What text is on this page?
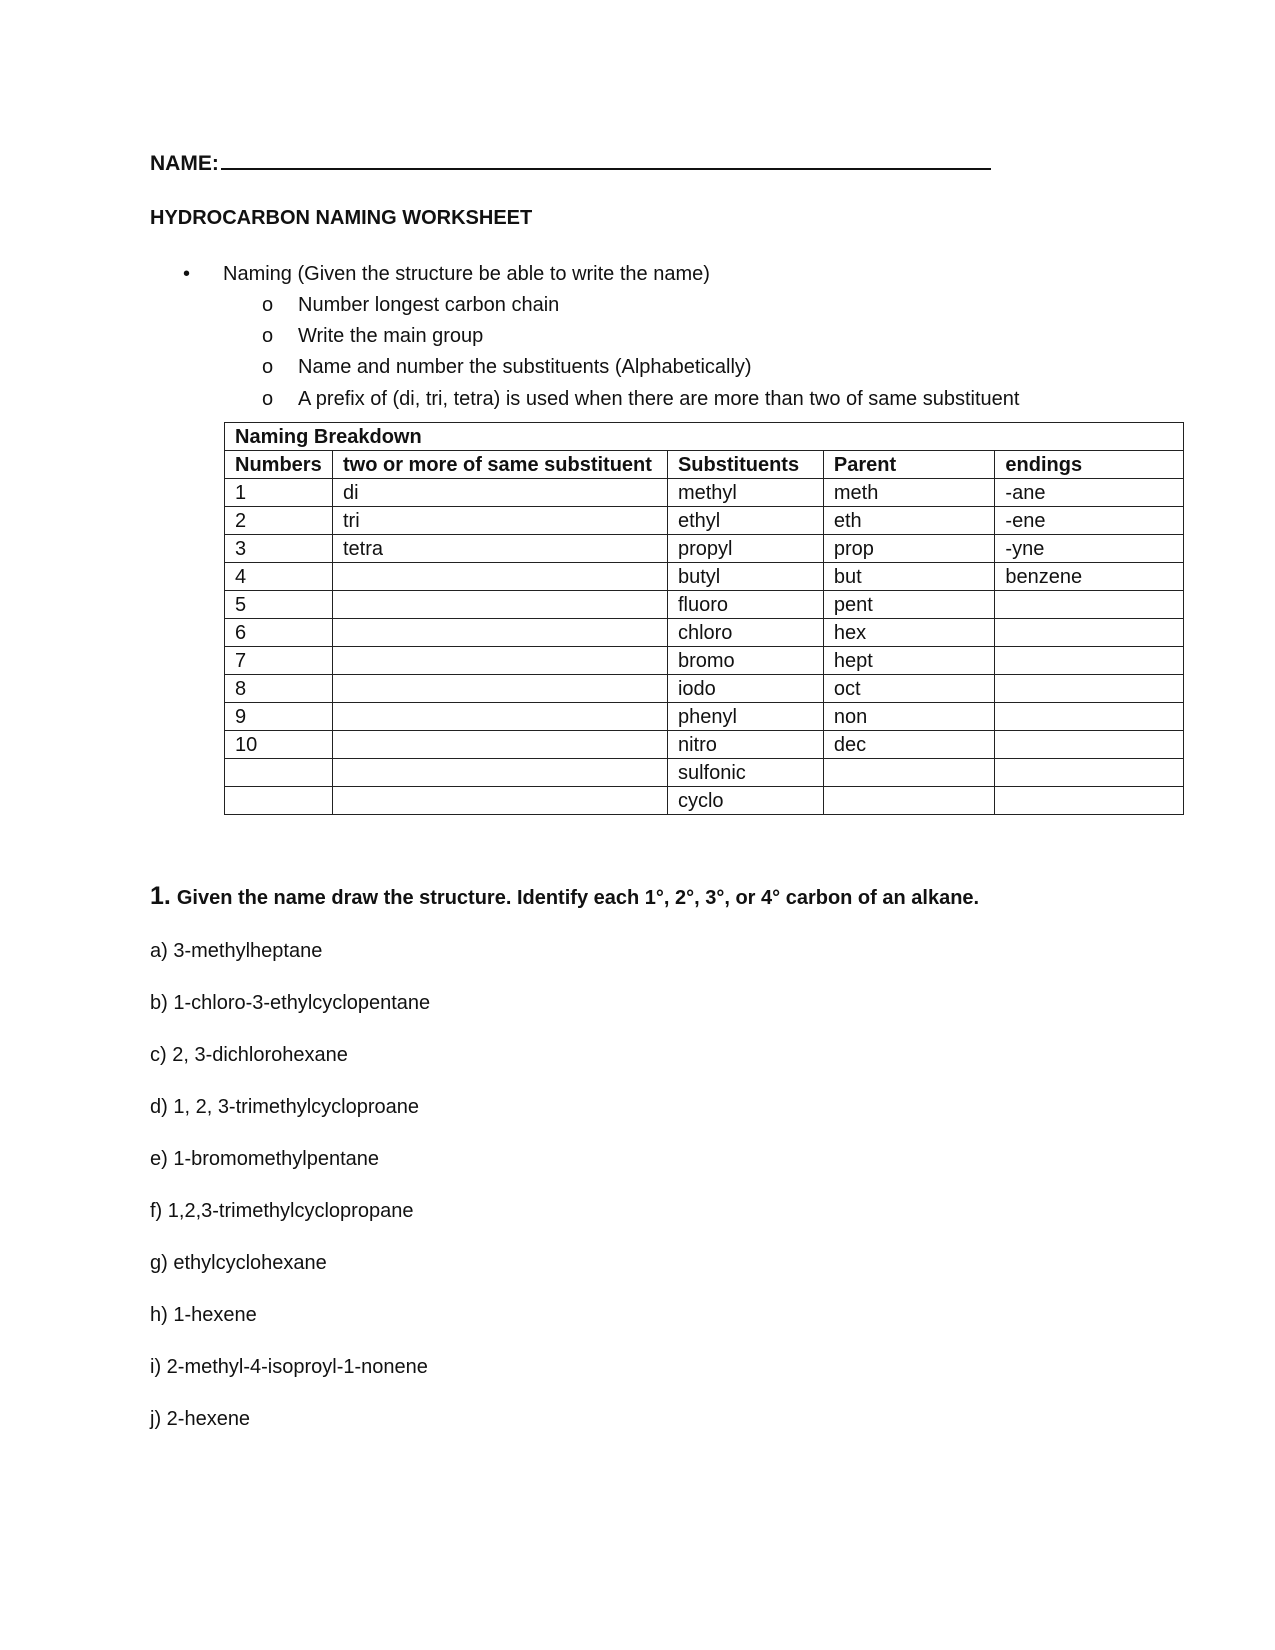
NAME:
HYDROCARBON NAMING WORKSHEET
• Naming (Given the structure be able to write the name)
o Number longest carbon chain
o Write the main group
o Name and number the substituents (Alphabetically)
o A prefix of (di, tri, tetra) is used when there are more than two of same substituent
Naming Breakdown				
Numbers	two or more of same substituent	Substituents	Parent	endings
1	di	methyl	meth	-ane
2	tri	ethyl	eth	-ene
3	tetra	propyl	prop	-yne
4		butyl	but	benzene
5		fluoro	pent	
6		chloro	hex	
7		bromo	hept	
8		iodo	oct	
9		phenyl	non	
10		nitro	dec	
		sulfonic		
		cyclo		
1. Given the name draw the structure. Identify each 1°, 2°, 3°, or 4° carbon of an alkane.
a) 3-methylheptane
b) 1-chloro-3-ethylcyclopentane
c) 2, 3-dichlorohexane
d) 1, 2, 3-trimethylcycloproane
e) 1-bromomethylpentane
f) 1,2,3-trimethylcyclopropane
g) ethylcyclohexane
h) 1-hexene
i) 2-methyl-4-isoproyl-1-nonene
j) 2-hexene
